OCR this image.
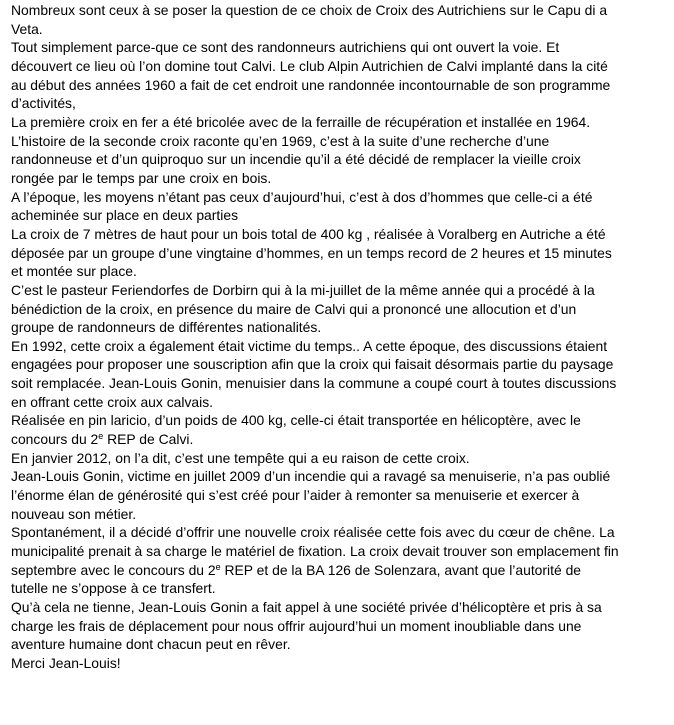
Nombreux sont ceux à se poser la question de ce choix de Croix des Autrichiens sur le Capu di a
Veta.

Tout simplement parce-que ce sont des randonneurs autrichiens qui ont ouvert la voie. Et
découvert ce lieu où l’on domine tout Calvi. Le club Alpin Autrichien de Calvi implanté dans la cité
au début des années 1960 a fait de cet endroit une randonnée incontournable de son programme
d’activités,

La première croix en fer a été bricolée avec de la ferraille de récupération et installée en 1964.

L’histoire de la seconde croix raconte qu’en 1969, c’est à la suite d’une recherche d’une
randonneuse et d’un quiproquo sur un incendie qu’il a été décidé de remplacer la vieille croix
rongée par le temps par une croix en bois.

A l’époque, les moyens n’étant pas ceux d’aujourd’hui, c’est à dos d’hommes que celle-ci a été
acheminée sur place en deux parties

La croix de 7 mètres de haut pour un bois total de 400 kg , réalisée à Voralberg en Autriche a été
déposée par un groupe d’une vingtaine d’hommes, en un temps record de 2 heures et 15 minutes
et montée sur place.

C’est le pasteur Feriendorfes de Dorbirn qui à la mi-juillet de la même année qui a procédé à la
bénédiction de la croix, en présence du maire de Calvi qui a prononcé une allocution et d’un
groupe de randonneurs de différentes nationalités.

En 1992, cette croix a également était victime du temps.. A cette époque, des discussions étaient
engagées pour proposer une souscription afin que la croix qui faisait désormais partie du paysage
soit remplacée. Jean-Louis Gonin, menuisier dans la commune a coupé court à toutes discussions
en offrant cette croix aux calvais.

Réalisée en pin laricio, d’un poids de 400 kg, celle-ci était transportée en hélicoptère, avec le
concours du 2e REP de Calvi.

En janvier 2012, on l’a dit, c’est une tempête qui a eu raison de cette croix.

Jean-Louis Gonin, victime en juillet 2009 d’un incendie qui a ravagé sa menuiserie, n’a pas oublié
l’énorme élan de générosité qui s’est créé pour l’aider à remonter sa menuiserie et exercer à
nouveau son métier.

Spontanément, il a décidé d’offrir une nouvelle croix réalisée cette fois avec du cœur de chêne. La
municipalité prenait à sa charge le matériel de fixation. La croix devait trouver son emplacement fin
septembre avec le concours du 2e REP et de la BA 126 de Solenzara, avant que l’autorité de
tutelle ne s’oppose à ce transfert.

Qu’à cela ne tienne, Jean-Louis Gonin a fait appel à une société privée d’hélicoptère et pris à sa
charge les frais de déplacement pour nous offrir aujourd’hui un moment inoubliable dans une
aventure humaine dont chacun peut en rêver.

Merci Jean-Louis!
